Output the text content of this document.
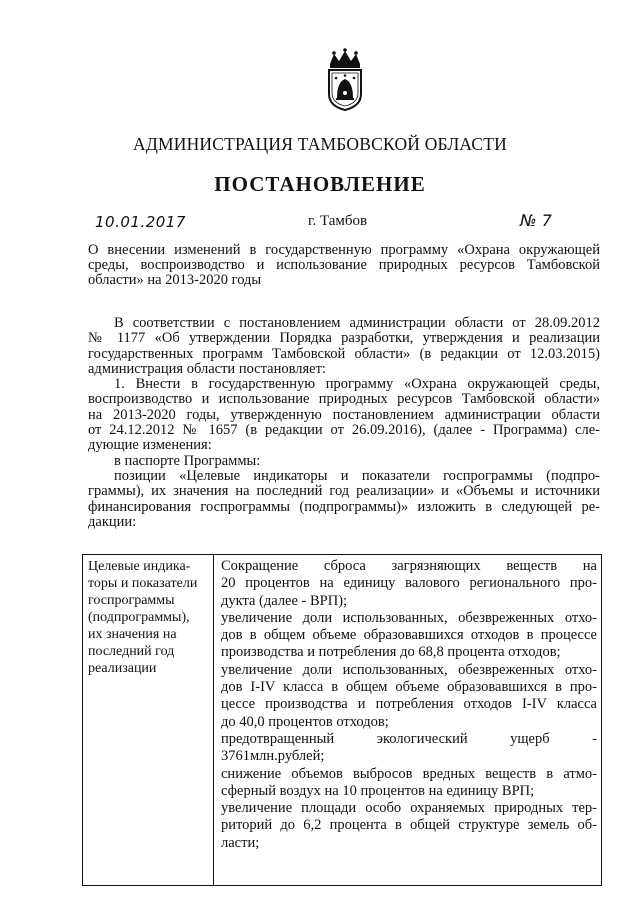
АДМИНИСТРАЦИЯ ТАМБОВСКОЙ ОБЛАСТИ
ПОСТАНОВЛЕНИЕ
10.01.2017	г. Тамбов	№ 7
О внесении изменений в государственную программу «Охрана окружающей
среды, воспроизводство и использование природных ресурсов Тамбовской
области» на 2013-2020 годы
В соответствии с постановлением администрации области от 28.09.2012
№ 1177 «Об утверждении Порядка разработки, утверждения и реализации
государственных программ Тамбовской области» (в редакции от 12.03.2015)
администрация области постановляет:
1. Внести в государственную программу «Охрана окружающей среды,
воспроизводство и использование природных ресурсов Тамбовской области»
на 2013-2020 годы, утвержденную постановлением администрации области
от 24.12.2012 № 1657 (в редакции от 26.09.2016), (далее - Программа) сле-
дующие изменения:
в паспорте Программы:
позиции «Целевые индикаторы и показатели госпрограммы (подпро-
граммы), их значения на последний год реализации» и «Объемы и источники
финансирования госпрограммы (подпрограммы)» изложить в следующей ре-
дакции:
Целевые индика-
торы и показатели
госпрограммы
(подпрограммы),
их значения на
последний год
реализации
Сокращение сброса загрязняющих веществ на
20 процентов на единицу валового регионального про-
дукта (далее - ВРП);
увеличение доли использованных, обезвреженных отхо-
дов в общем объеме образовавшихся отходов в процессе
производства и потребления до 68,8 процента отходов;
увеличение доли использованных, обезвреженных отхо-
дов I-IV класса в общем объеме образовавшихся в про-
цессе производства и потребления отходов I-IV класса
до 40,0 процентов отходов;
предотвращенный экологический ущерб -
3761млн.рублей;
снижение объемов выбросов вредных веществ в атмо-
сферный воздух на 10 процентов на единицу ВРП;
увеличение площади особо охраняемых природных тер-
риторий до 6,2 процента в общей структуре земель об-
ласти;
